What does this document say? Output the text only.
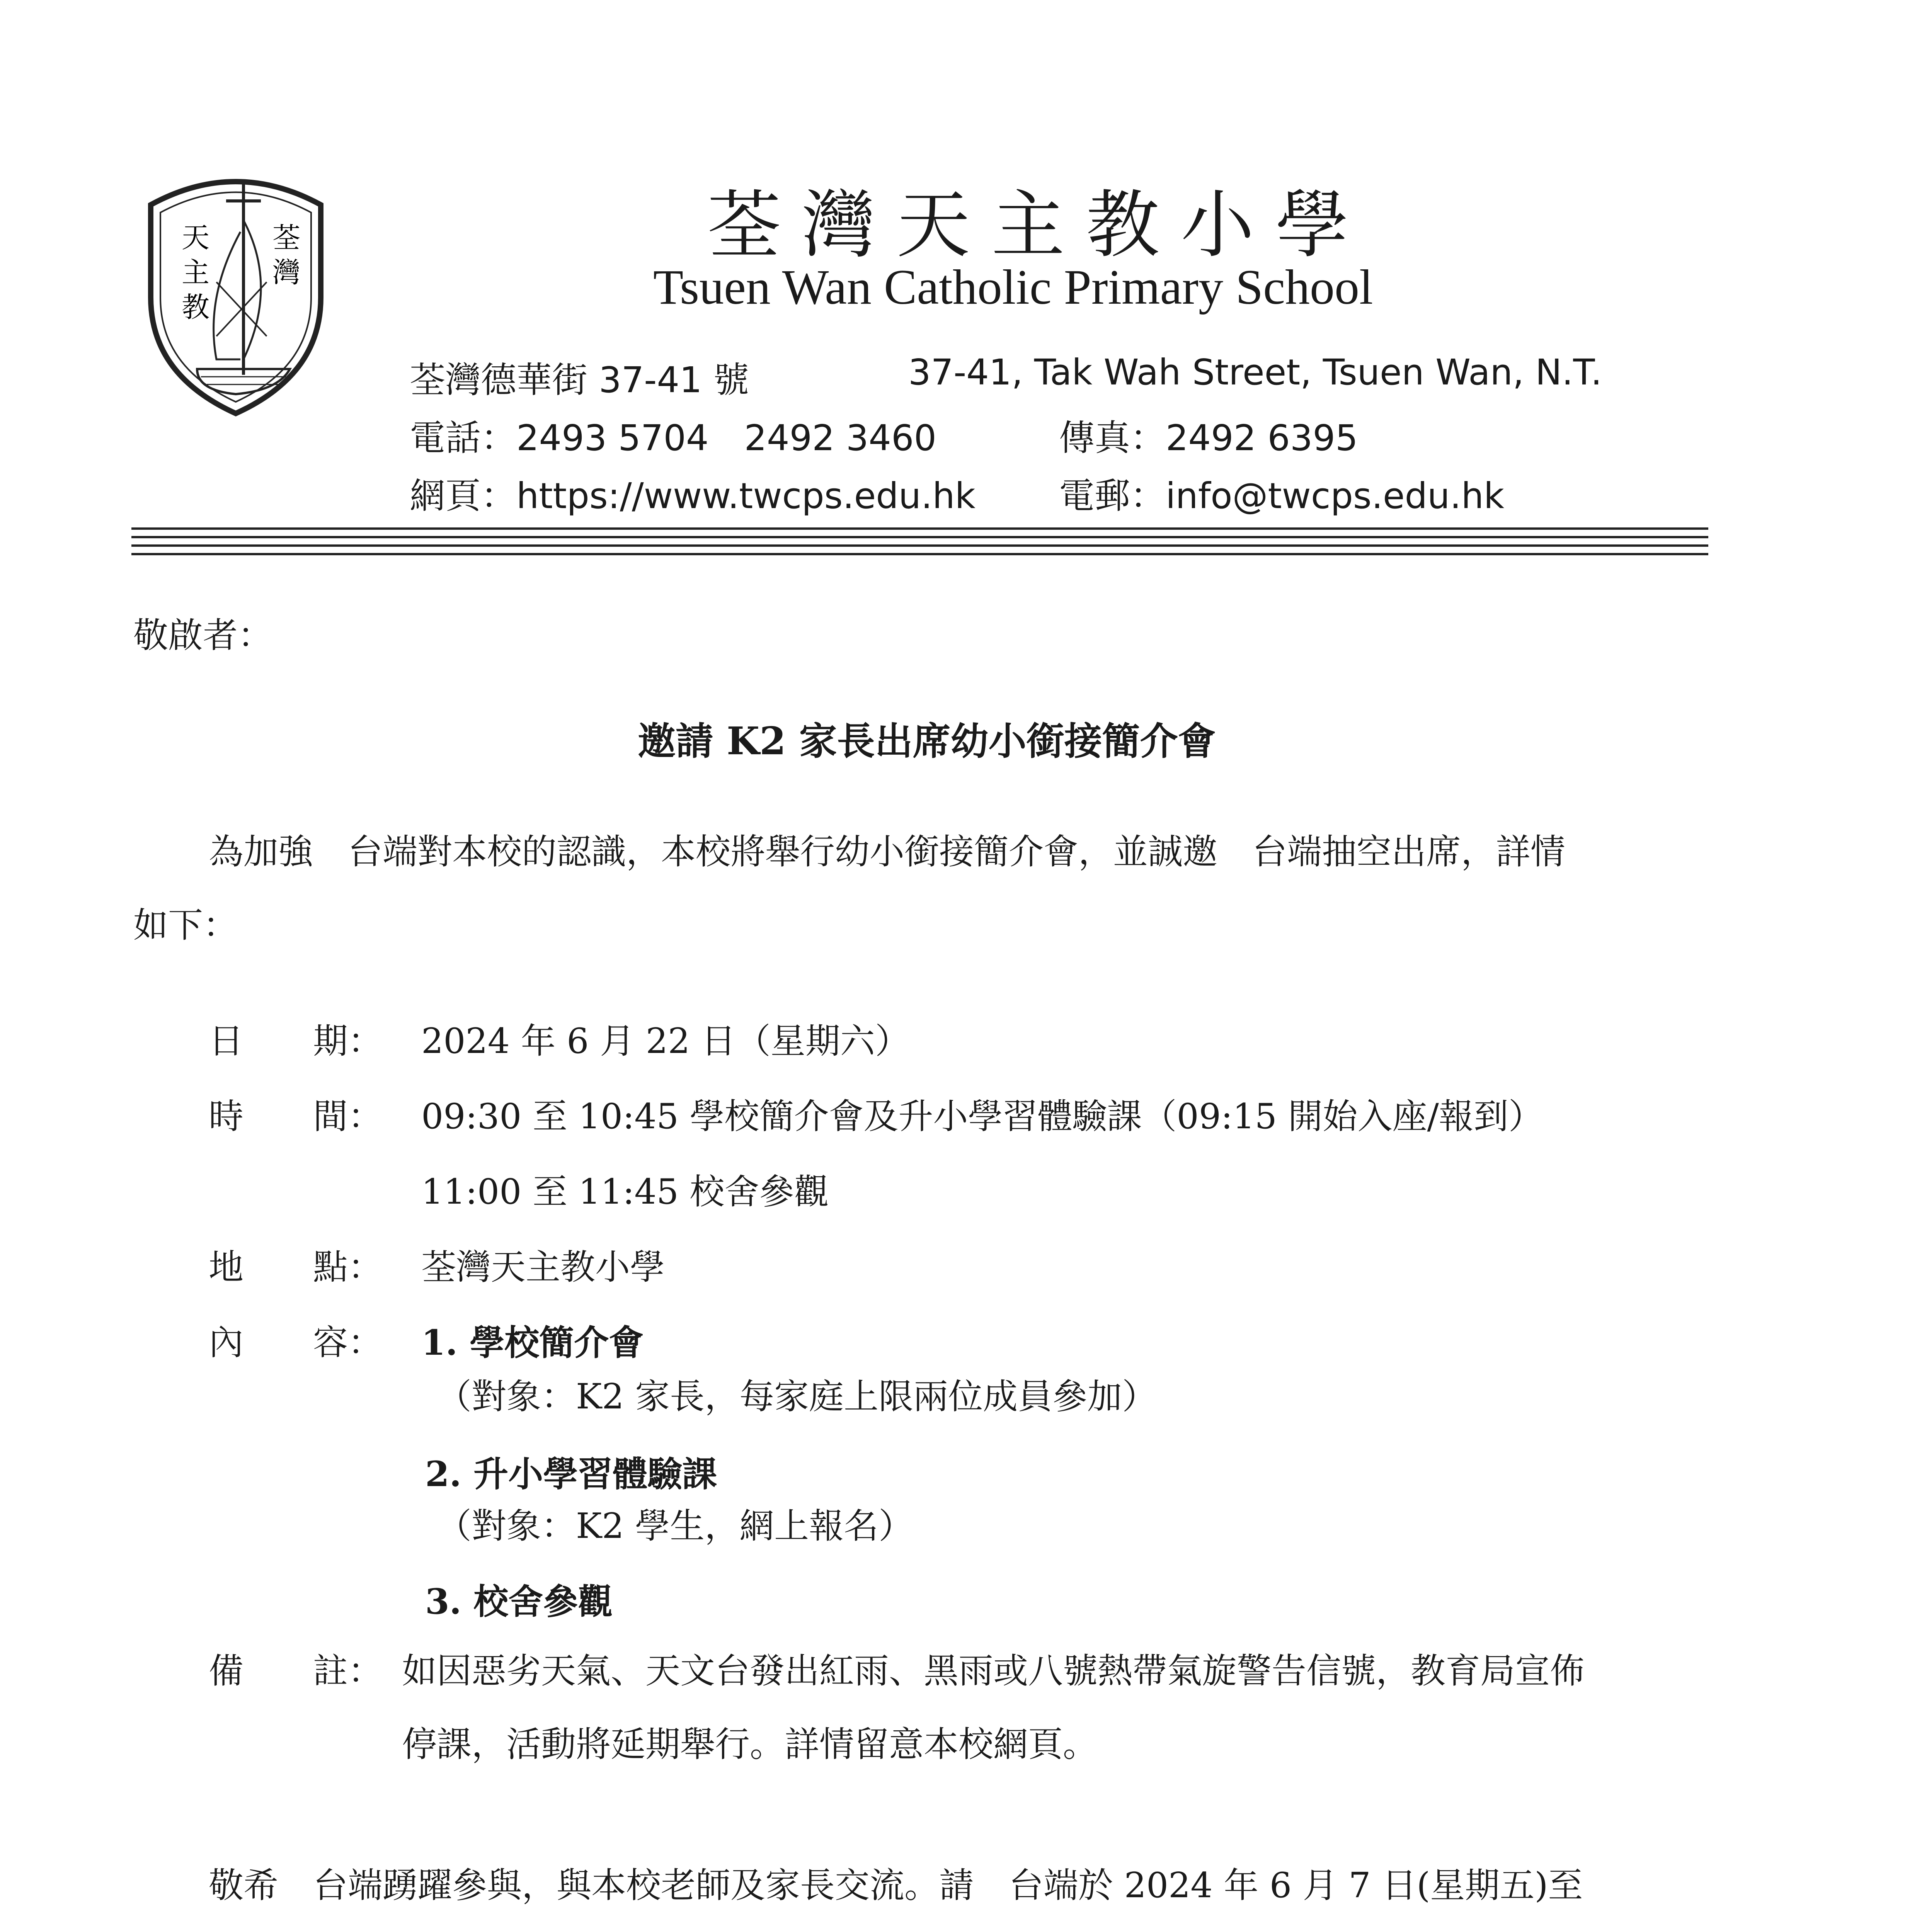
天
主
教
荃
灣
荃灣天主教小學
Tsuen Wan Catholic Primary School
荃灣德華街 37-41 號	37-41, Tak Wah Street, Tsuen Wan, N.T.
電話：2493 5704　2492 3460	傳真：2492 6395
網頁：https://www.twcps.edu.hk 電郵：info@twcps.edu.hk
敬啟者：
邀請 K2 家長出席幼小銜接簡介會
為加強　台端對本校的認識，本校將舉行幼小銜接簡介會，並誠邀　台端抽空出席，詳情
如下：
日　　期： 2024 年 6 月 22 日（星期六）
時　　間： 09:30 至 10:45 學校簡介會及升小學習體驗課（09:15 開始入座/報到）
11:00 至 11:45 校舍參觀
地　　點： 荃灣天主教小學
內　　容： 1. 學校簡介會
（對象：K2 家長，每家庭上限兩位成員參加）
2. 升小學習體驗課
（對象：K2 學生，網上報名）
3. 校舍參觀
備　　註： 如因惡劣天氣、天文台發出紅雨、黑雨或八號熱帶氣旋警告信號，教育局宣佈
停課，活動將延期舉行。詳情留意本校網頁。
敬希　台端踴躍參與，與本校老師及家長交流。請　台端於 2024 年 6 月 7 日(星期五)至
